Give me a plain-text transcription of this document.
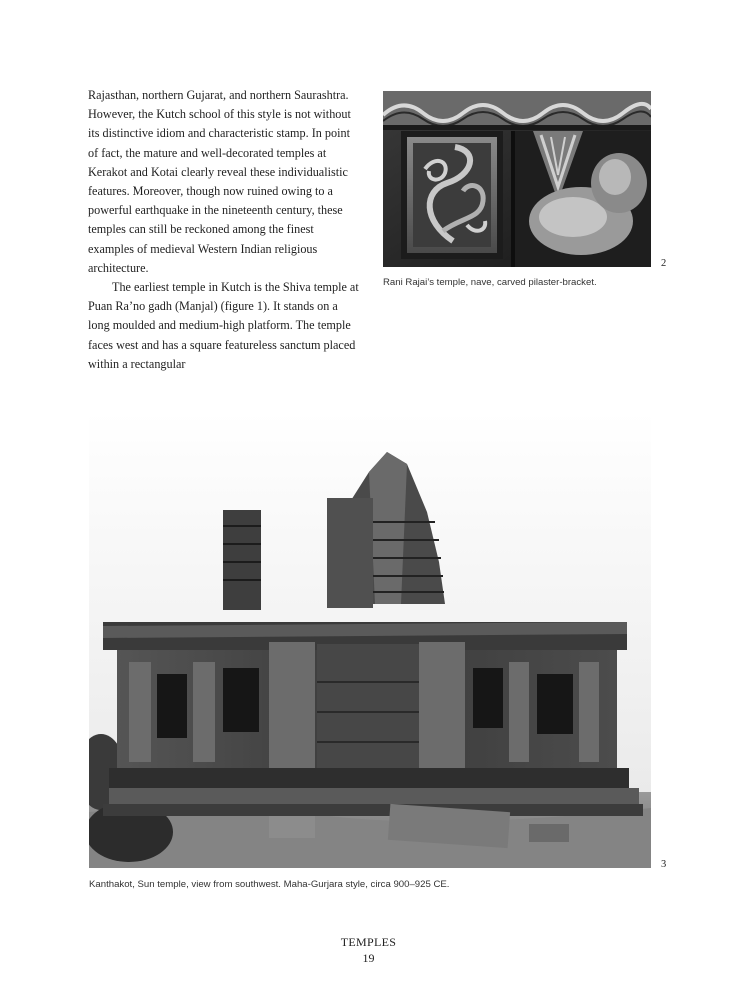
Rajasthan, northern Gujarat, and northern Saurashtra. However, the Kutch school of this style is not without its distinctive idiom and characteristic stamp. In point of fact, the mature and well-decorated temples at Kerakot and Kotai clearly reveal these individualistic features. Moreover, though now ruined owing to a powerful earthquake in the nineteenth century, these temples can still be reckoned among the finest examples of medieval Western Indian religious architecture.

The earliest temple in Kutch is the Shiva temple at Puan Ra’no gadh (Manjal) (figure 1). It stands on a long moulded and medium-high platform. The temple faces west and has a square featureless sanctum placed within a rectangular

2
Rani Rajai’s temple, nave, carved pilaster-bracket.
3
Kanthakot, Sun temple, view from southwest. Maha-Gurjara style, circa 900–925 CE.
TEMPLES
19
